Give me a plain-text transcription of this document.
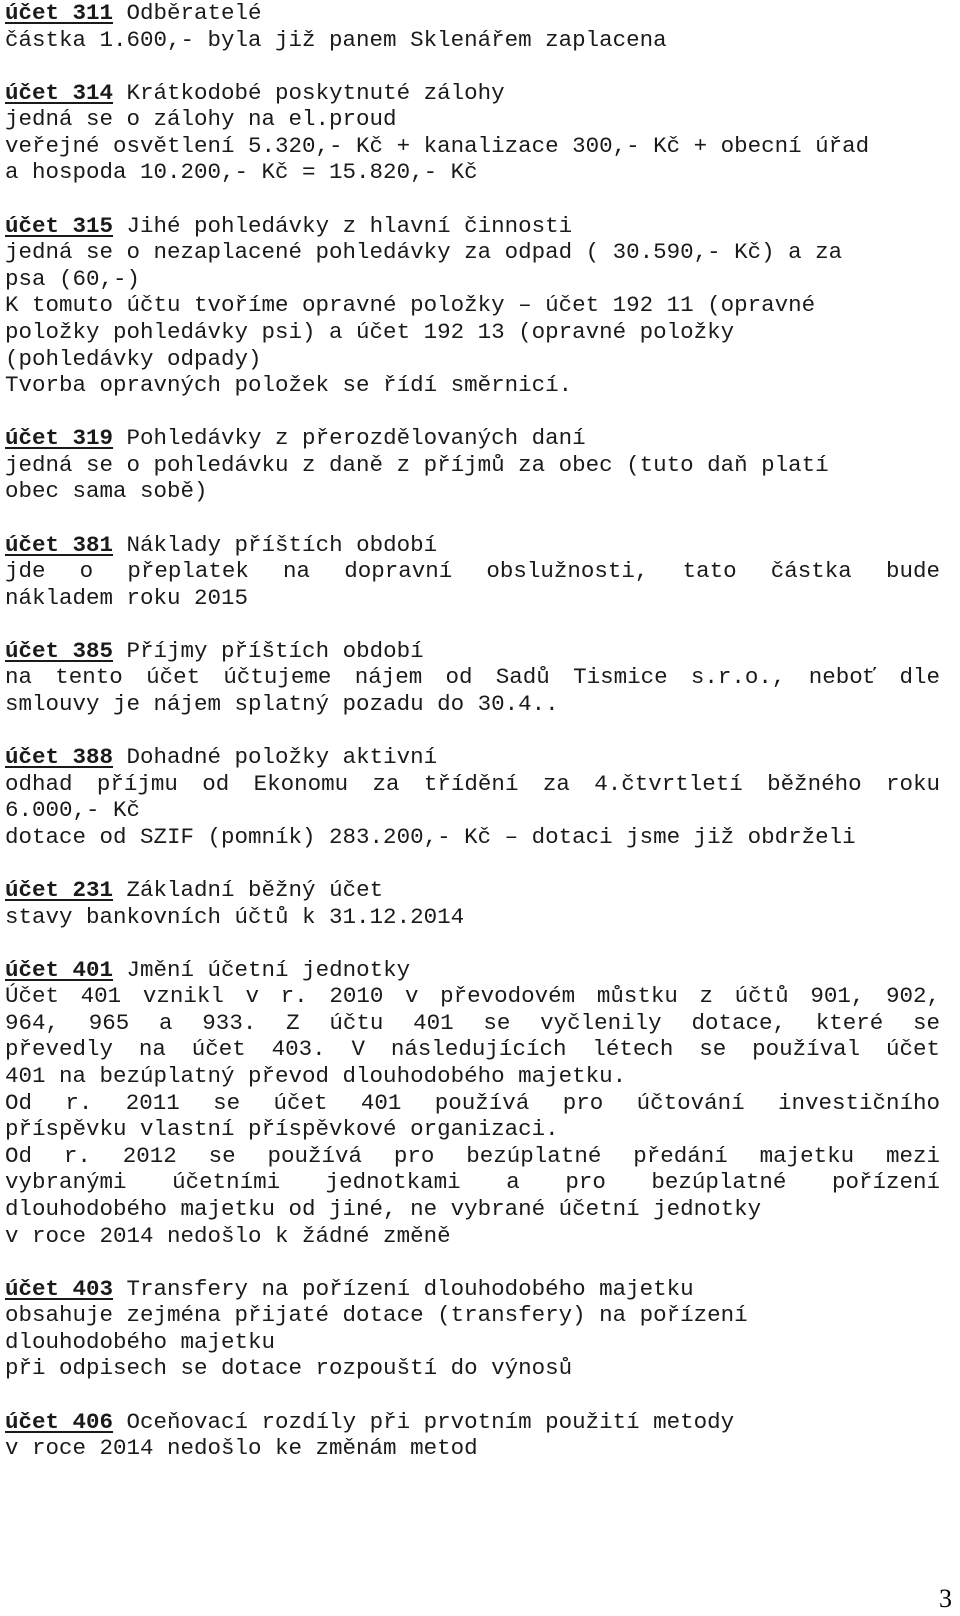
účet 311 Odběratelé
částka 1.600,- byla již panem Sklenářem zaplacena
účet 314 Krátkodobé poskytnuté zálohy
jedná se o zálohy na el.proud
veřejné osvětlení 5.320,- Kč + kanalizace 300,- Kč + obecní úřad
a hospoda 10.200,- Kč = 15.820,- Kč
účet 315 Jihé pohledávky z hlavní činnosti
jedná se o nezaplacené pohledávky za odpad ( 30.590,- Kč) a za
psa (60,-)
K tomuto účtu tvoříme opravné položky – účet 192 11 (opravné
položky pohledávky psi) a účet 192 13 (opravné položky
(pohledávky odpady)
Tvorba opravných položek se řídí směrnicí.
účet 319 Pohledávky z přerozdělovaných daní
jedná se o pohledávku z daně z příjmů za obec (tuto daň platí
obec sama sobě)
účet 381 Náklady příštích období
jde o přeplatek na dopravní obslužnosti, tato částka bude
nákladem roku 2015
účet 385 Příjmy příštích období
na tento účet účtujeme nájem od Sadů Tismice s.r.o., neboť dle
smlouvy je nájem splatný pozadu do 30.4..
účet 388 Dohadné položky aktivní
odhad příjmu od Ekonomu za třídění za 4.čtvrtletí běžného roku
6.000,- Kč
dotace od SZIF (pomník) 283.200,- Kč – dotaci jsme již obdrželi
účet 231 Základní běžný účet
stavy bankovních účtů k 31.12.2014
účet 401 Jmění účetní jednotky
Účet 401 vznikl v r. 2010 v převodovém můstku z účtů 901, 902,
964, 965 a 933. Z účtu 401 se vyčlenily dotace, které se
převedly na účet 403. V následujících létech se používal účet
401 na bezúplatný převod dlouhodobého majetku.
Od r. 2011 se účet 401 používá pro účtování investičního
příspěvku vlastní příspěvkové organizaci.
Od r. 2012 se používá pro bezúplatné předání majetku mezi
vybranými účetními jednotkami a pro bezúplatné pořízení
dlouhodobého majetku od jiné, ne vybrané účetní jednotky
v roce 2014 nedošlo k žádné změně
účet 403 Transfery na pořízení dlouhodobého majetku
obsahuje zejména přijaté dotace (transfery) na pořízení
dlouhodobého majetku
při odpisech se dotace rozpouští do výnosů
účet 406 Oceňovací rozdíly při prvotním použití metody
v roce 2014 nedošlo ke změnám metod
3
